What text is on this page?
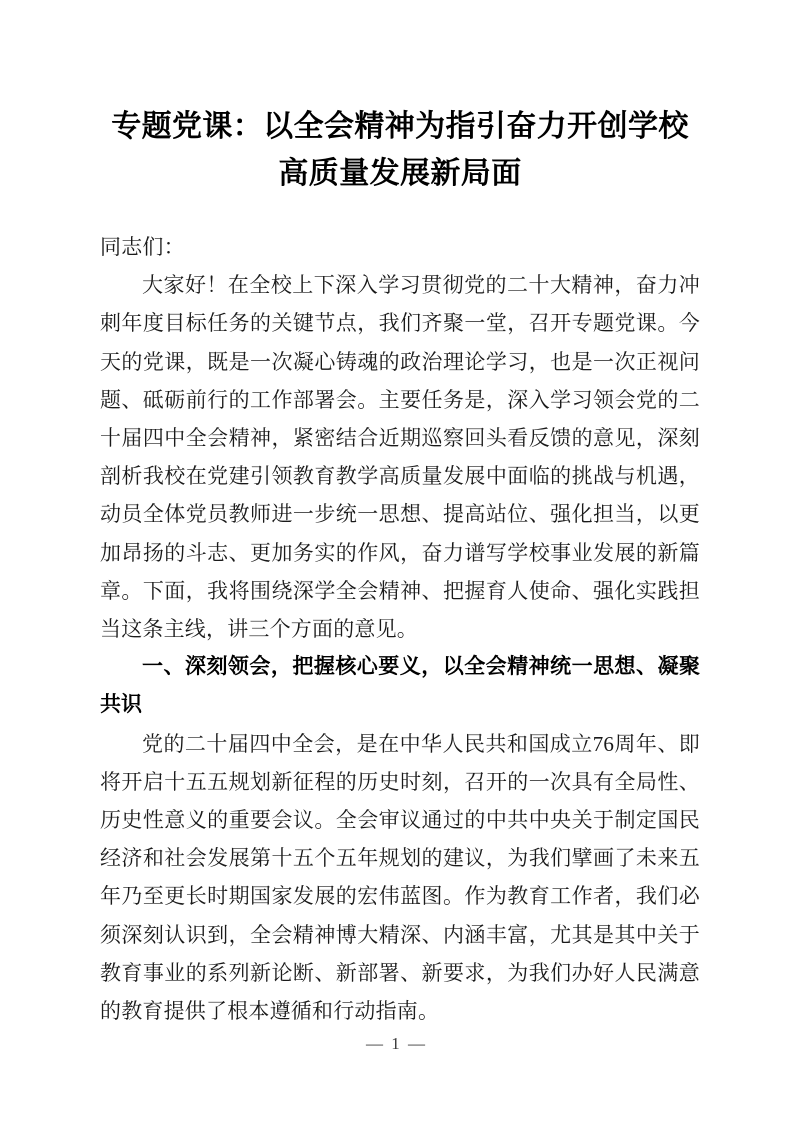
专题党课：以全会精神为指引奋力开创学校高质量发展新局面

同志们：

大家好！在全校上下深入学习贯彻党的二十大精神，奋力冲刺年度目标任务的关键节点，我们齐聚一堂，召开专题党课。今天的党课，既是一次凝心铸魂的政治理论学习，也是一次正视问题、砥砺前行的工作部署会。主要任务是，深入学习领会党的二十届四中全会精神，紧密结合近期巡察回头看反馈的意见，深刻剖析我校在党建引领教育教学高质量发展中面临的挑战与机遇，动员全体党员教师进一步统一思想、提高站位、强化担当，以更加昂扬的斗志、更加务实的作风，奋力谱写学校事业发展的新篇章。下面，我将围绕深学全会精神、把握育人使命、强化实践担当这条主线，讲三个方面的意见。

一、深刻领会，把握核心要义，以全会精神统一思想、凝聚共识

党的二十届四中全会，是在中华人民共和国成立76周年、即将开启十五五规划新征程的历史时刻，召开的一次具有全局性、历史性意义的重要会议。全会审议通过的中共中央关于制定国民经济和社会发展第十五个五年规划的建议，为我们擘画了未来五年乃至更长时期国家发展的宏伟蓝图。作为教育工作者，我们必须深刻认识到，全会精神博大精深、内涵丰富，尤其是其中关于教育事业的系列新论断、新部署、新要求，为我们办好人民满意的教育提供了根本遵循和行动指南。

— 1 —
